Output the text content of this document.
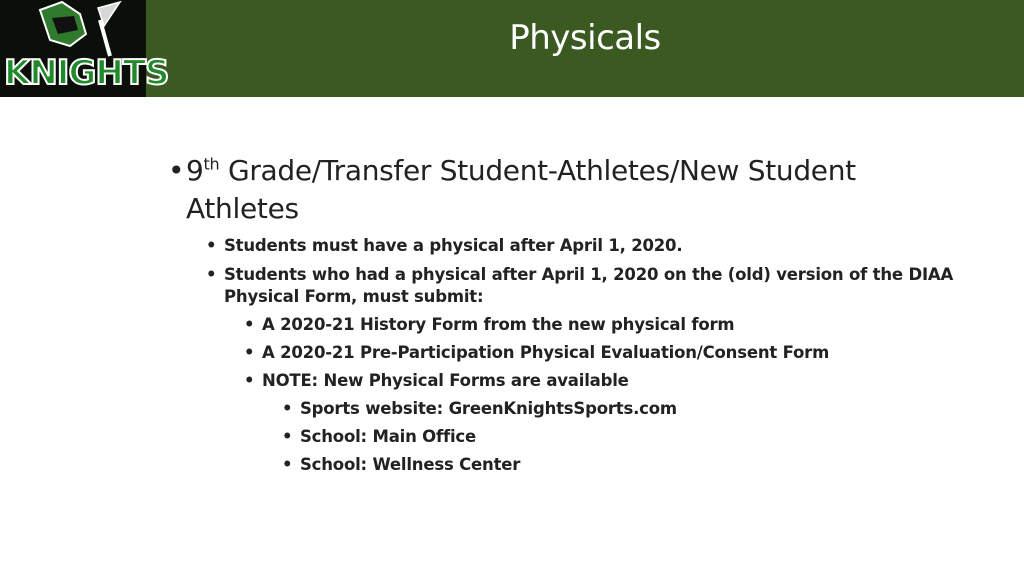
KNIGHTS
Physicals
• 9th Grade/Transfer Student-Athletes/New Student Athletes
• Students must have a physical after April 1, 2020.
• Students who had a physical after April 1, 2020 on the (old) version of the DIAA Physical Form, must submit:
• A 2020-21 History Form from the new physical form
• A 2020-21 Pre-Participation Physical Evaluation/Consent Form
• NOTE: New Physical Forms are available
• Sports website: GreenKnightsSports.com
• School: Main Office
• School: Wellness Center
